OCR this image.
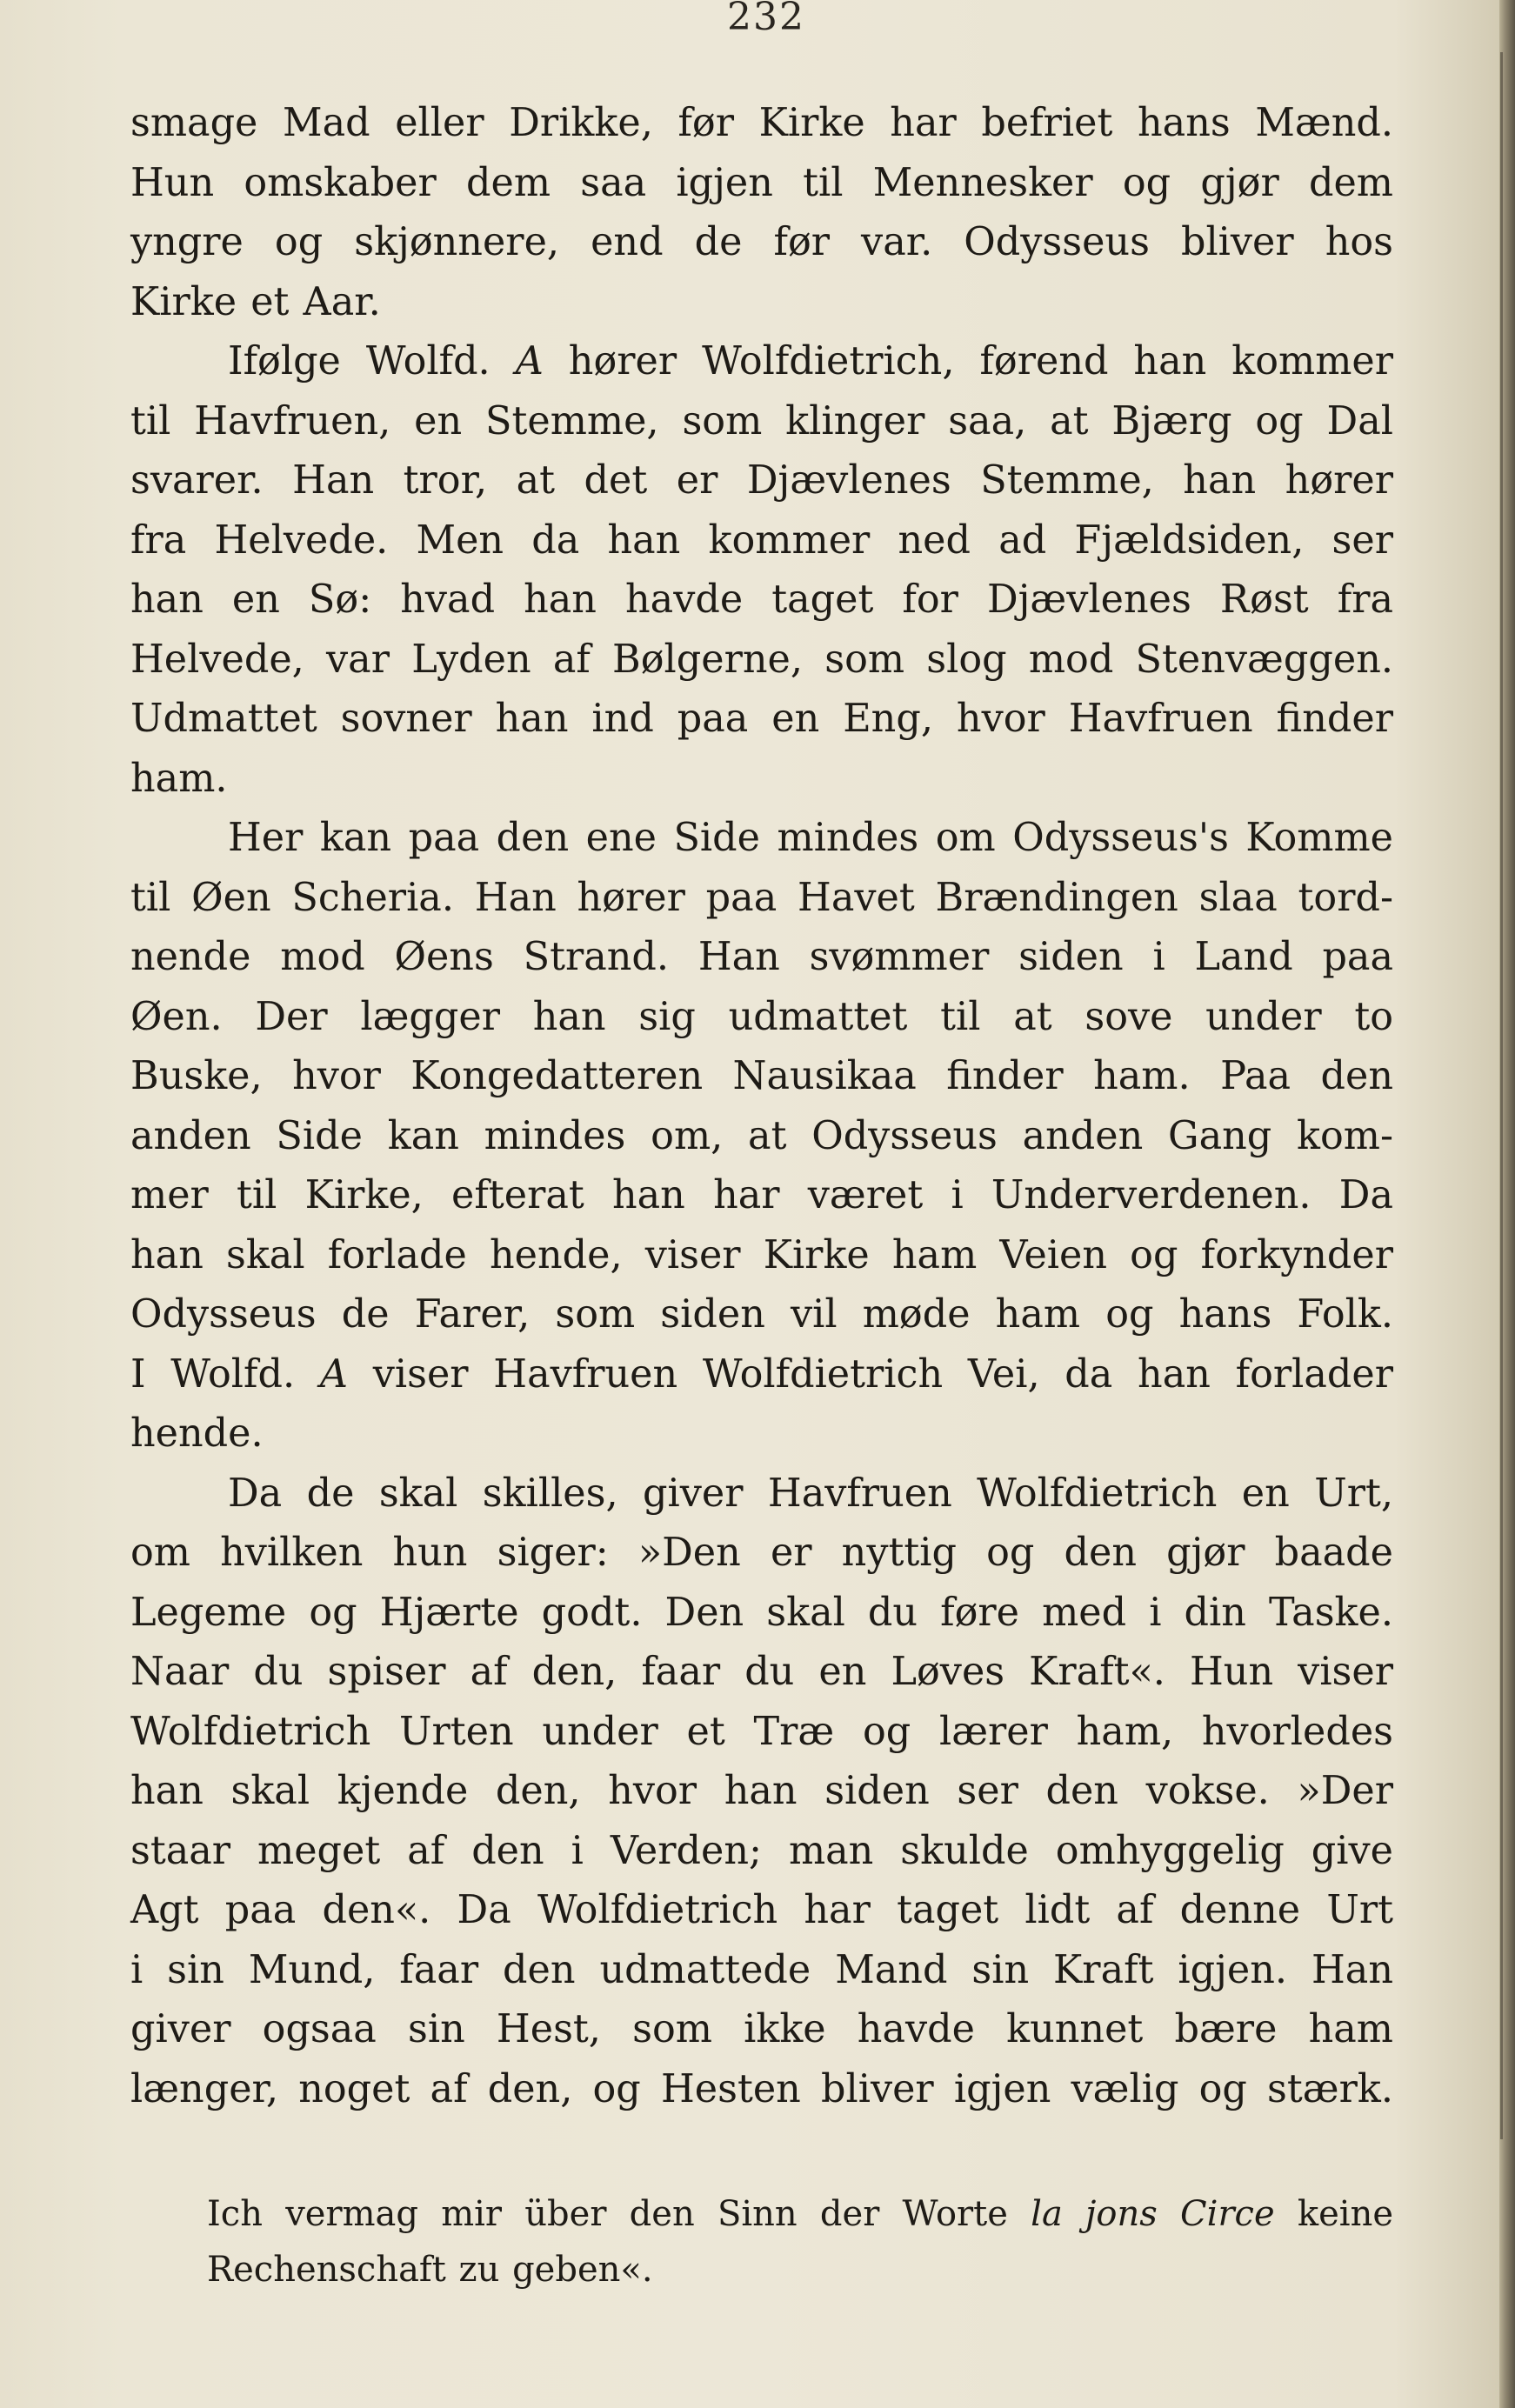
232
smage Mad eller Drikke, før Kirke har befriet hans Mænd.
Hun omskaber dem saa igjen til Mennesker og gjør dem
yngre og skjønnere, end de før var. Odysseus bliver hos
Kirke et Aar.
Ifølge Wolfd. A hører Wolfdietrich, førend han kommer
til Havfruen, en Stemme, som klinger saa, at Bjærg og Dal
svarer. Han tror, at det er Djævlenes Stemme, han hører
fra Helvede. Men da han kommer ned ad Fjældsiden, ser
han en Sø: hvad han havde taget for Djævlenes Røst fra
Helvede, var Lyden af Bølgerne, som slog mod Stenvæggen.
Udmattet sovner han ind paa en Eng, hvor Havfruen finder
ham.
Her kan paa den ene Side mindes om Odysseus's Komme
til Øen Scheria. Han hører paa Havet Brændingen slaa tord-
nende mod Øens Strand. Han svømmer siden i Land paa
Øen. Der lægger han sig udmattet til at sove under to
Buske, hvor Kongedatteren Nausikaa finder ham. Paa den
anden Side kan mindes om, at Odysseus anden Gang kom-
mer til Kirke, efterat han har været i Underverdenen. Da
han skal forlade hende, viser Kirke ham Veien og forkynder
Odysseus de Farer, som siden vil møde ham og hans Folk.
I Wolfd. A viser Havfruen Wolfdietrich Vei, da han forlader
hende.
Da de skal skilles, giver Havfruen Wolfdietrich en Urt,
om hvilken hun siger: »Den er nyttig og den gjør baade
Legeme og Hjærte godt. Den skal du føre med i din Taske.
Naar du spiser af den, faar du en Løves Kraft«. Hun viser
Wolfdietrich Urten under et Træ og lærer ham, hvorledes
han skal kjende den, hvor han siden ser den vokse. »Der
staar meget af den i Verden; man skulde omhyggelig give
Agt paa den«. Da Wolfdietrich har taget lidt af denne Urt
i sin Mund, faar den udmattede Mand sin Kraft igjen. Han
giver ogsaa sin Hest, som ikke havde kunnet bære ham
længer, noget af den, og Hesten bliver igjen vælig og stærk.
Ich vermag mir über den Sinn der Worte la jons Circe keine
Rechenschaft zu geben«.
